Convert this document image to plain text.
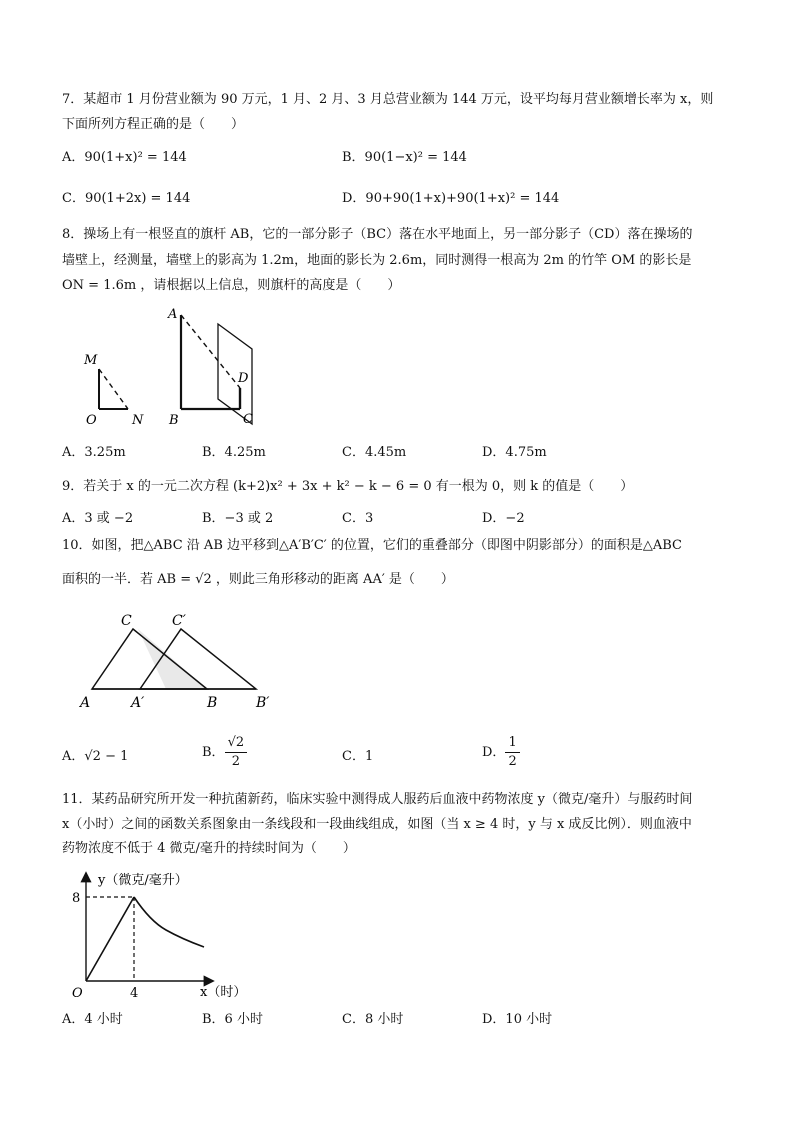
7．某超市 1 月份营业额为 90 万元，1 月、2 月、3 月总营业额为 144 万元，设平均每月营业额增长率为 x，则
下面所列方程正确的是（　　）
A．90(1+x)² = 144	B．90(1−x)² = 144
C．90(1+2x) = 144	D．90+90(1+x)+90(1+x)² = 144
8．操场上有一根竖直的旗杆 AB，它的一部分影子（BC）落在水平地面上，另一部分影子（CD）落在操场的
墙壁上，经测量，墙壁上的影高为 1.2m，地面的影长为 2.6m，同时测得一根高为 2m 的竹竿 OM 的影长是
ON = 1.6m ，请根据以上信息，则旗杆的高度是（　　）
M
O	N
A
B
D
C
A．3.25m	B．4.25m	C．4.45m	D．4.75m
9．若关于 x 的一元二次方程 (k+2)x² + 3x + k² − k − 6 = 0 有一根为 0，则 k 的值是（　　）
A．3 或 −2	B．−3 或 2	C．3	D．−2
10．如图，把△ABC 沿 AB 边平移到△A′B′C′ 的位置，它们的重叠部分（即图中阴影部分）的面积是△ABC
面积的一半．若 AB = √2 ，则此三角形移动的距离 AA′ 是（　　）
C	C′
A	A′	B	B′
A．√2 − 1	B． $\frac{√2}{2}$	C．1	D． $\frac{1}{2}$
11．某药品研究所开发一种抗菌新药，临床实验中测得成人服药后血液中药物浓度 y（微克/毫升）与服药时间
x（小时）之间的函数关系图象由一条线段和一段曲线组成，如图（当 x ≥ 4 时，y 与 x 成反比例）．则血液中
药物浓度不低于 4 微克/毫升的持续时间为（　　）
y（微克/毫升）
x（时）
O
8
4
A．4 小时	B．6 小时	C．8 小时	D．10 小时
